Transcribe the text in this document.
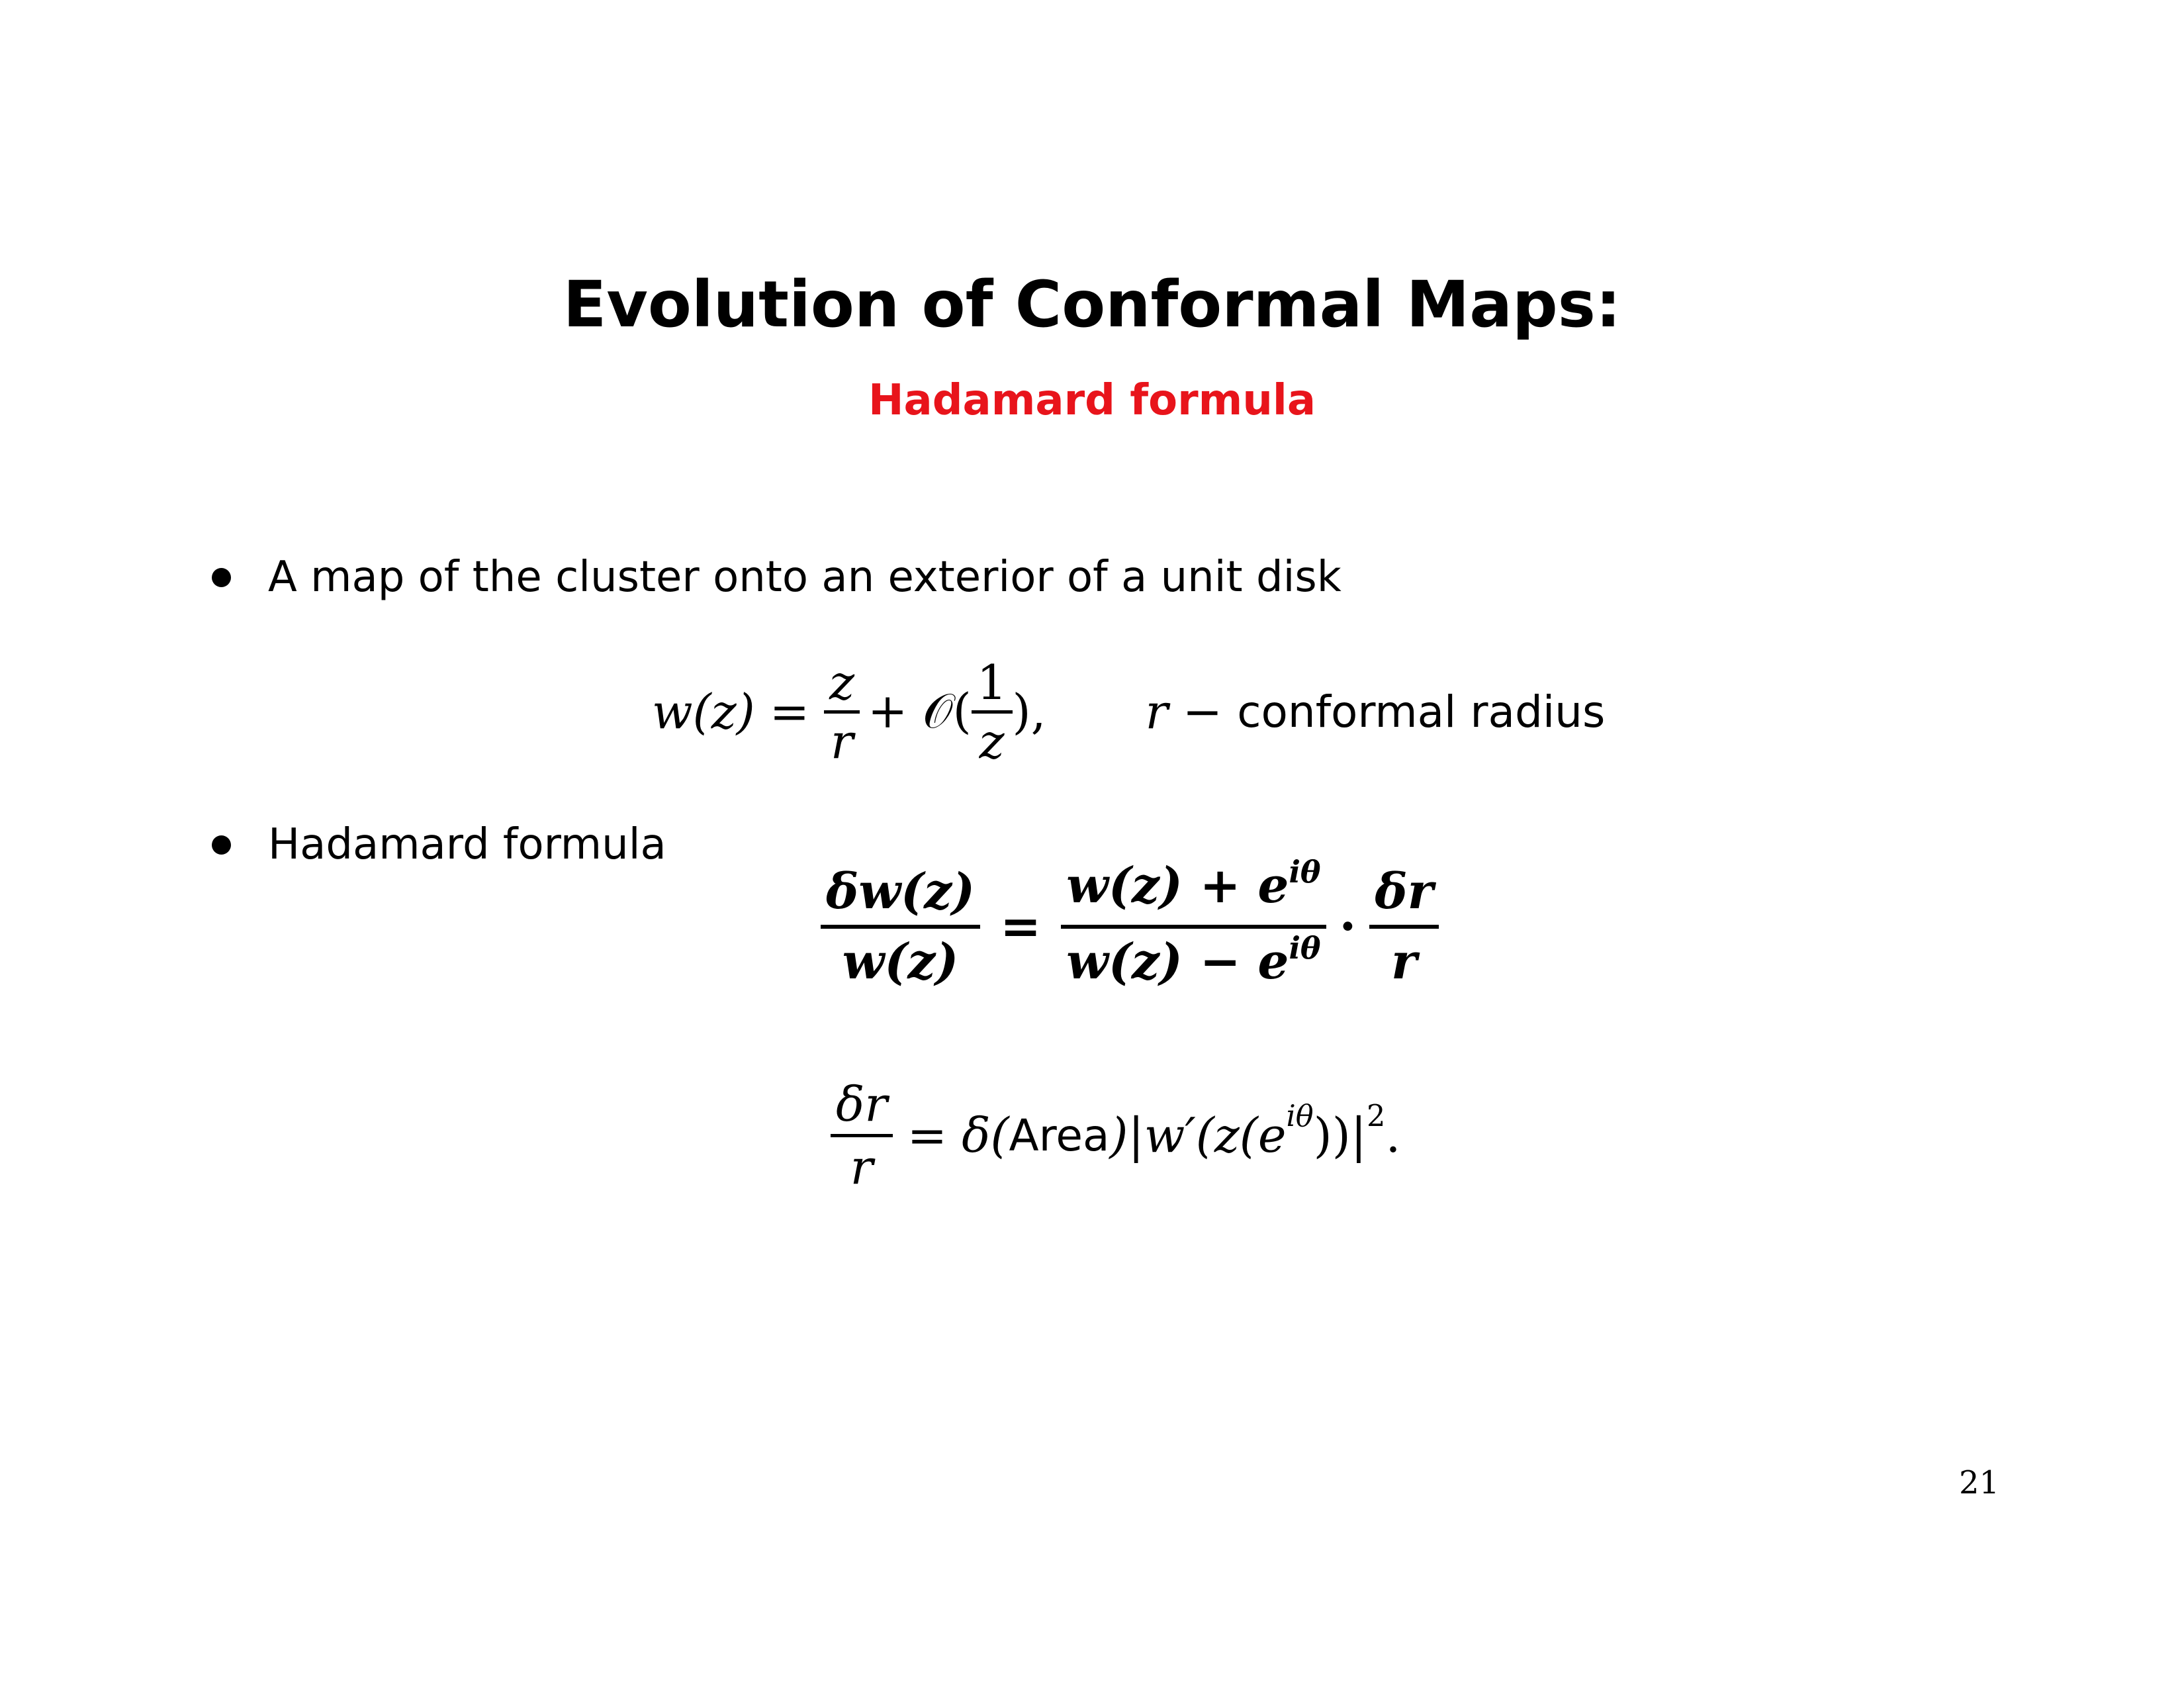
Evolution of Conformal Maps:
Hadamard formula
A map of the cluster onto an exterior of a unit disk
w(z) =
z
r
+ 𝒪(
1
z
), r − conformal radius
Hadamard formula
δw(z)
w(z)
=
$w(z) + e^{i\theta}$
$w(z) - e^{i\theta}$ ·
δr
r
δr
r
= δ( Area )$|w'(z(e^{i\theta}$ ))$|^2$ .
21
